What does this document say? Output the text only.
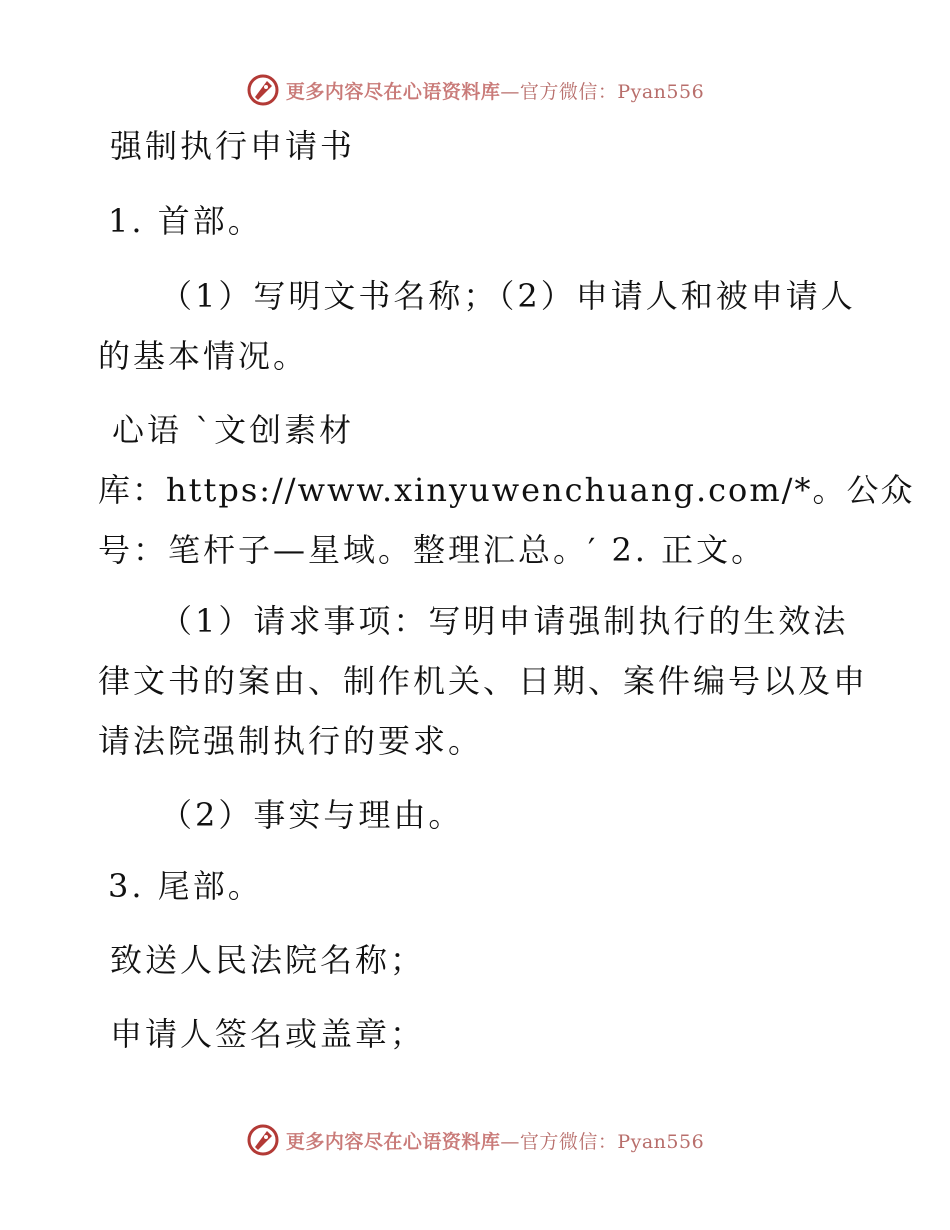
更多内容尽在心语资料库—官方微信：Pyan556
强制执行申请书

1. 首部。

（1）写明文书名称；（2）申请人和被申请人

的基本情况。

心语 `文创素材

库：https://www.xinyuwenchuang.com/*。公众

号：笔杆子—星域。整理汇总。′ 2. 正文。

（1）请求事项：写明申请强制执行的生效法

律文书的案由、制作机关、日期、案件编号以及申

请法院强制执行的要求。

（2）事实与理由。

3. 尾部。

致送人民法院名称；

申请人签名或盖章；

更多内容尽在心语资料库—官方微信：Pyan556
